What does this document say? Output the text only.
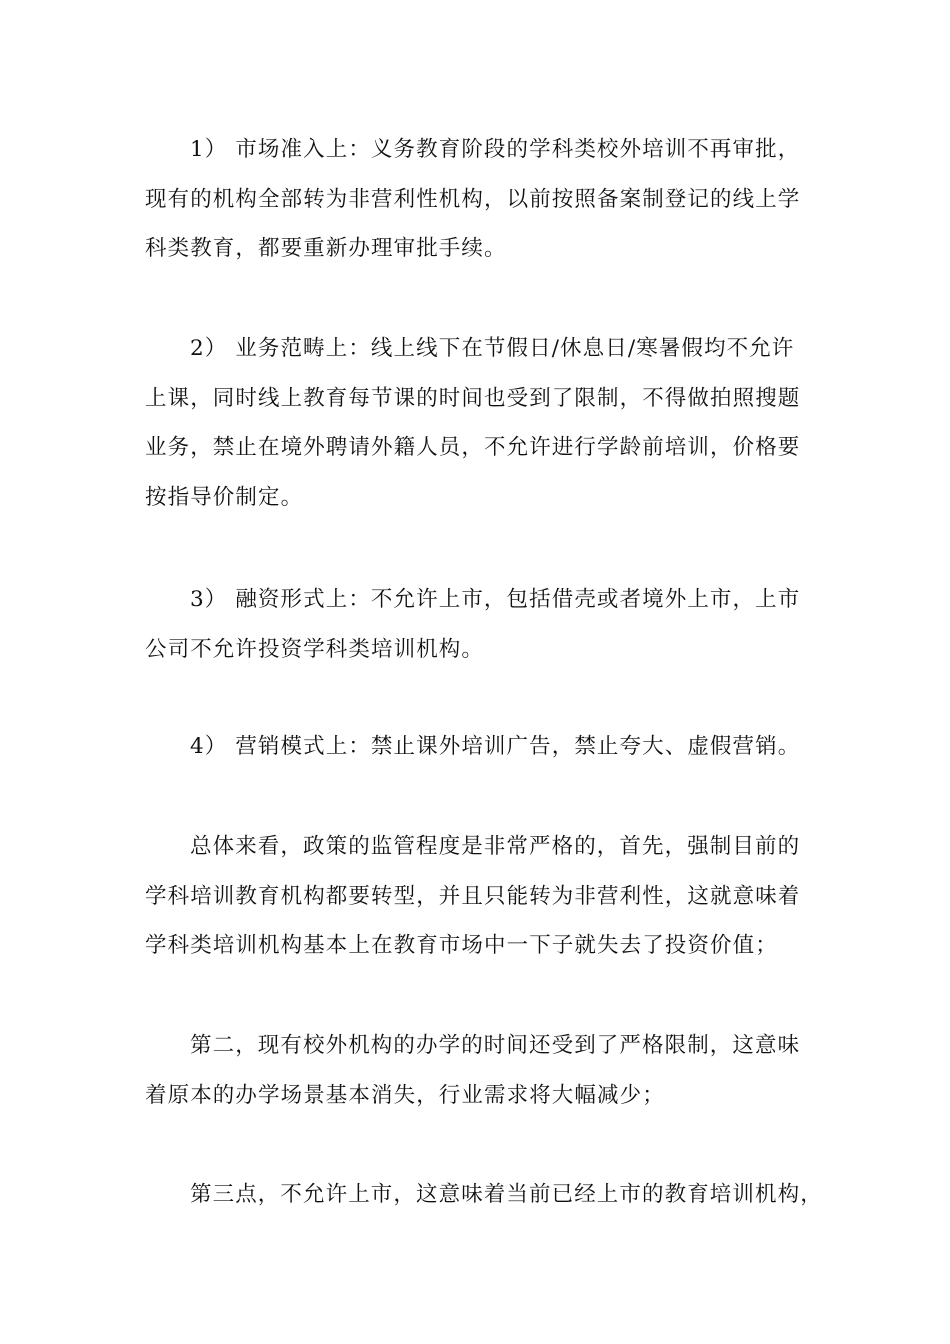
1） 市场准入上：义务教育阶段的学科类校外培训不再审批，
现有的机构全部转为非营利性机构，以前按照备案制登记的线上学
科类教育，都要重新办理审批手续。

2） 业务范畴上：线上线下在节假日/休息日/寒暑假均不允许
上课，同时线上教育每节课的时间也受到了限制，不得做拍照搜题
业务，禁止在境外聘请外籍人员，不允许进行学龄前培训，价格要
按指导价制定。

3） 融资形式上：不允许上市，包括借壳或者境外上市，上市
公司不允许投资学科类培训机构。

4） 营销模式上：禁止课外培训广告，禁止夸大、虚假营销。

总体来看，政策的监管程度是非常严格的，首先，强制目前的
学科培训教育机构都要转型，并且只能转为非营利性，这就意味着
学科类培训机构基本上在教育市场中一下子就失去了投资价值；

第二，现有校外机构的办学的时间还受到了严格限制，这意味
着原本的办学场景基本消失，行业需求将大幅减少；

第三点，不允许上市，这意味着当前已经上市的教育培训机构，
